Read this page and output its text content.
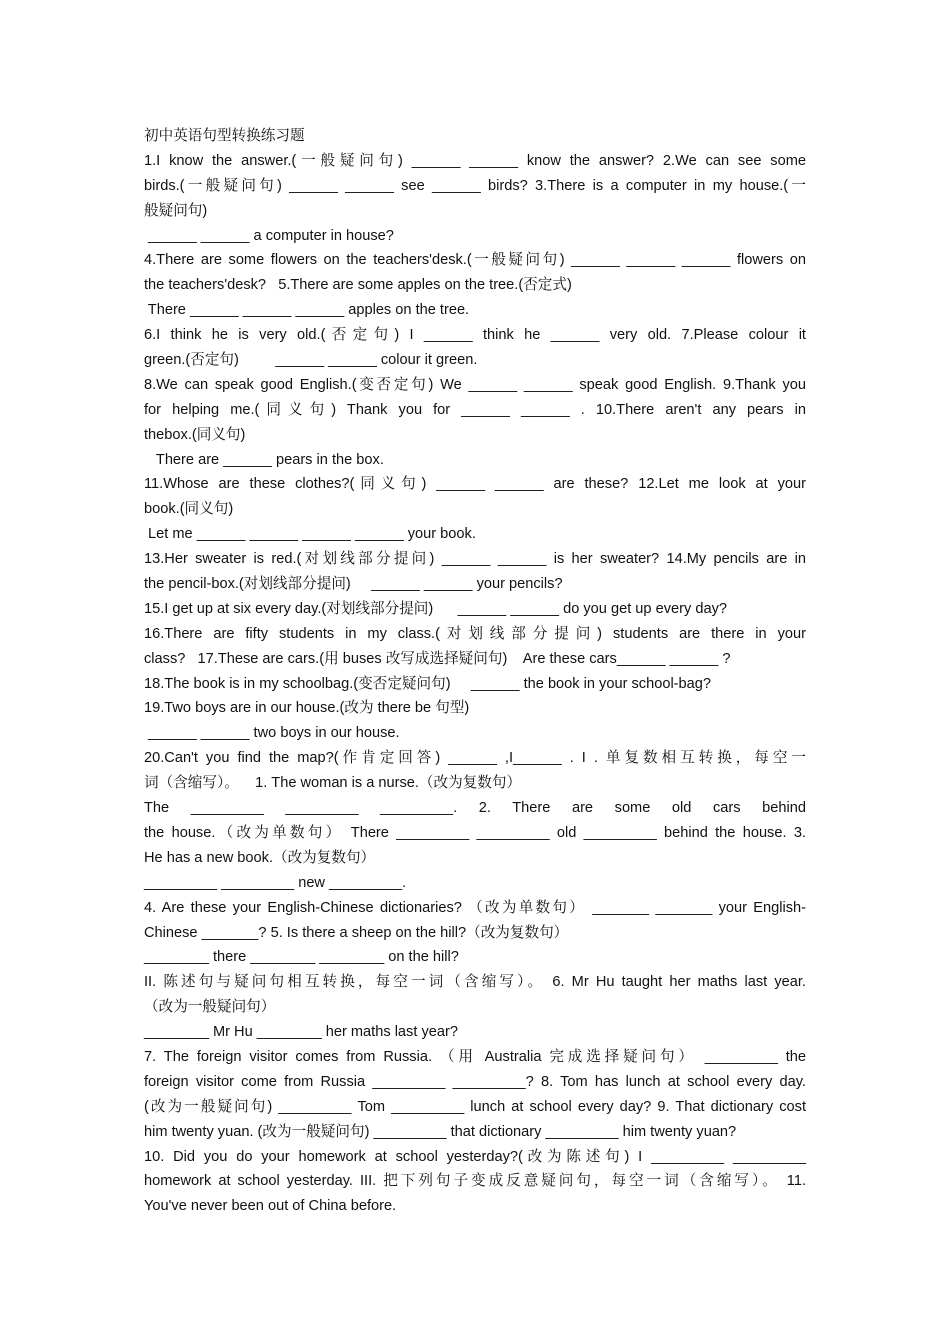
初中英语句型转换练习题
1.I know the answer.(一般疑问句) ______ ______ know the answer? 2.We can see some
birds.(一般疑问句) ______ ______ see ______ birds? 3.There is a computer in my house.(一
般疑问句)
______ ______ a computer in house?
4.There are some flowers on the teachers'desk.(一般疑问句) ______ ______ ______ flowers on
the teachers'desk?   5.There are some apples on the tree.(否定式)
There ______ ______ ______ apples on the tree.
6.I think he is very old.(否定句) I ______ think he ______ very old. 7.Please colour it
green.(否定句)         ______ ______ colour it green.
8.We can speak good English.(变否定句) We ______ ______ speak good English. 9.Thank you
for helping me.(同义句) Thank you for ______ ______ . 10.There aren't any pears in
thebox.(同义句)
There are ______ pears in the box.
11.Whose are these clothes?(同义句) ______ ______ are these? 12.Let me look at your
book.(同义句)
Let me ______ ______ ______ ______ your book.
13.Her sweater is red.(对划线部分提问) ______ ______ is her sweater? 14.My pencils are in
the pencil-box.(对划线部分提问)     ______ ______ your pencils?
15.I get up at six every day.(对划线部分提问)      ______ ______ do you get up every day?
16.There are fifty students in my class.(对划线部分提问) students are there in your
class?   17.These are cars.(用 buses 改写成选择疑问句)    Are these cars______ ______ ?
18.The book is in my schoolbag.(变否定疑问句)     ______ the book in your school-bag?
19.Two boys are in our house.(改为 there be 句型)
______ ______ two boys in our house.
20.Can't you find the map?(作肯定回答) ______ ,I______ . I . 单复数相互转换，每空一
词（含缩写）。    1. The woman is a nurse.（改为复数句）
The _________ _________ _________. 2. There are some old cars behind
the house.（改为单数句） There _________ _________ old _________ behind the house. 3.
He has a new book.（改为复数句）
_________ _________ new _________.
4. Are these your English-Chinese dictionaries? （改为单数句） _______ _______ your English-
Chinese _______? 5. Is there a sheep on the hill?（改为复数句）
________ there ________ ________ on the hill?
II. 陈述句与疑问句相互转换，每空一词（含缩写）。 6. Mr Hu taught her maths last year.
（改为一般疑问句）
________ Mr Hu ________ her maths last year?
7. The foreign visitor comes from Russia. （用 Australia 完成选择疑问句） _________ the
foreign visitor come from Russia _________ _________? 8. Tom has lunch at school every day.
(改为一般疑问句) _________ Tom _________ lunch at school every day? 9. That dictionary cost
him twenty yuan. (改为一般疑问句) _________ that dictionary _________ him twenty yuan?
10. Did you do your homework at school yesterday?(改为陈述句) I _________ _________
homework at school yesterday. III. 把下列句子变成反意疑问句，每空一词（含缩写）。 11.
You've never been out of China before.
